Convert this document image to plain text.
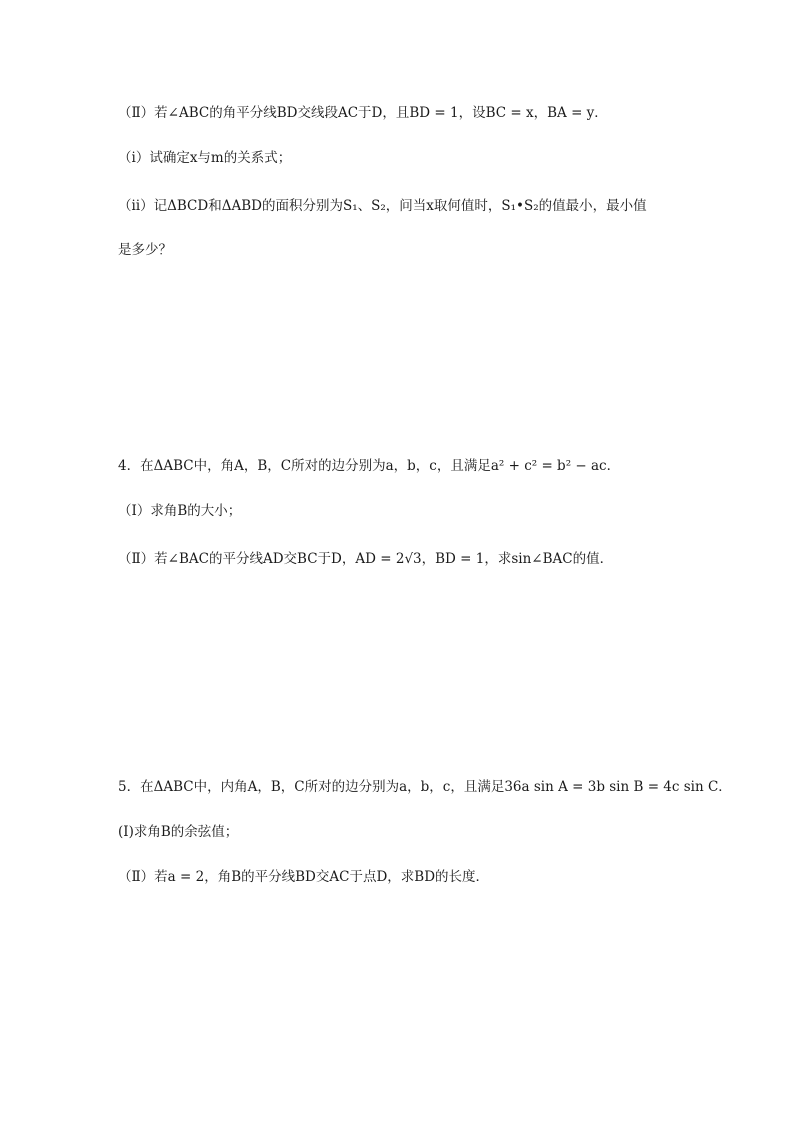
（Ⅱ）若∠ABC的角平分线BD交线段AC于D，且BD = 1，设BC = x，BA = y．
（ⅰ）试确定x与m的关系式；
（ⅱ）记ΔBCD和ΔABD的面积分别为S₁、S₂，问当x取何值时，S₁•S₂的值最小，最小值
是多少？
4．在ΔABC中，角A，B，C所对的边分别为a，b，c，且满足a² + c² = b² − ac．
（Ⅰ）求角B的大小；
（Ⅱ）若∠BAC的平分线AD交BC于D，AD = 2√3，BD = 1，求sin∠BAC的值．
5．在ΔABC中，内角A，B，C所对的边分别为a，b，c，且满足36a sin A = 3b sin B = 4c sin C．
(Ⅰ)求角B的余弦值；
（Ⅱ）若a = 2，角B的平分线BD交AC于点D，求BD的长度．
